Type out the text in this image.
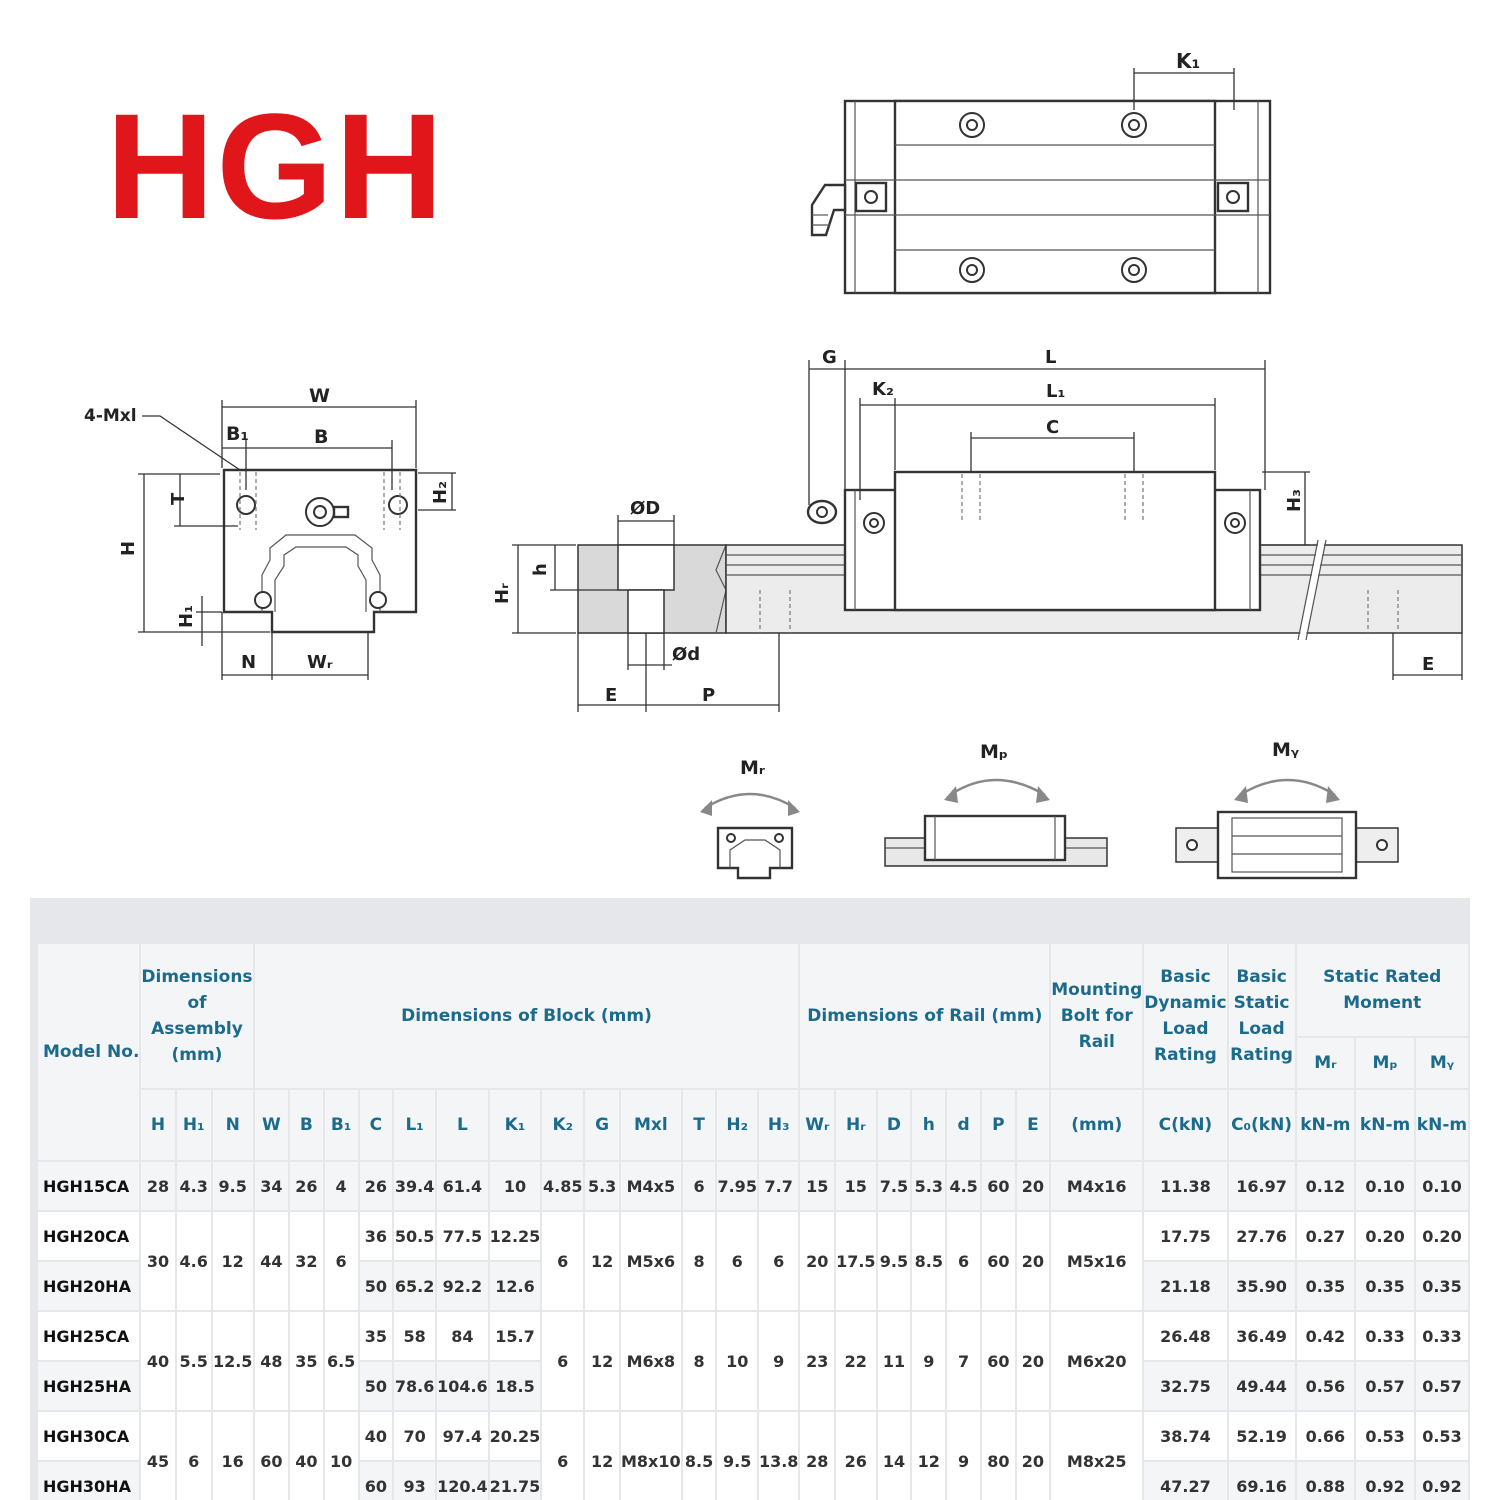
HGH
K₁
W
B
B₁
4-Mxl
H
T
H₁
H₂
N	Wᵣ
G	L
K₂	L₁
C
H₃
Hᵣ
h
ØD
Ød
E	P
E
Mᵣ
Mₚ	Mᵧ
Model No.	Dimensions of Assembly (mm)			Dimensions of Block (mm)													Dimensions of Rail (mm)							Mounting Bolt for Rail	Basic Dynamic Load Rating	Basic Static Load Rating	Static Rated Moment		
																											Mᵣ	Mₚ	Mᵧ
	H	H₁	N	W	B	B₁	C	L₁	L	K₁	K₂	G	Mxl	T	H₂	H₃	Wᵣ	Hᵣ	D	h	d	P	E	(mm)	C(kN)	C₀(kN)	kN-m	kN-m	kN-m
HGH15CA	28	4.3	9.5	34	26	4	26	39.4	61.4	10	4.85	5.3	M4x5	6	7.95	7.7	15	15	7.5	5.3	4.5	60	20	M4x16	11.38	16.97	0.12	0.10	0.10
HGH20CA	30	4.6	12	44	32	6	36	50.5	77.5	12.25	6	12	M5x6	8	6	6	20	17.5	9.5	8.5	6	60	20	M5x16	17.75	27.76	0.27	0.20	0.20
HGH20HA							50	65.2	92.2	12.6															21.18	35.90	0.35	0.35	0.35
HGH25CA	40	5.5	12.5	48	35	6.5	35	58	84	15.7	6	12	M6x8	8	10	9	23	22	11	9	7	60	20	M6x20	26.48	36.49	0.42	0.33	0.33
HGH25HA							50	78.6	104.6	18.5															32.75	49.44	0.56	0.57	0.57
HGH30CA	45	6	16	60	40	10	40	70	97.4	20.25	6	12	M8x10	8.5	9.5	13.8	28	26	14	12	9	80	20	M8x25	38.74	52.19	0.66	0.53	0.53
HGH30HA							60	93	120.4	21.75															47.27	69.16	0.88	0.92	0.92
